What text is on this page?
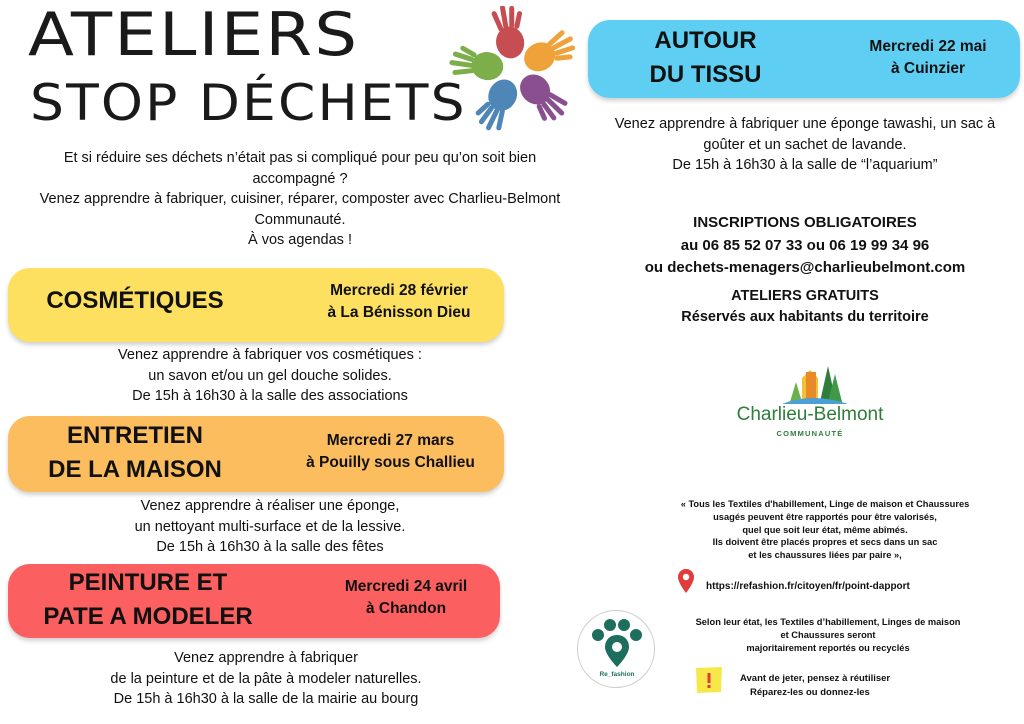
ATELIERS
STOP DÉCHETS
Et si réduire ses déchets n’était pas si compliqué pour peu qu’on soit bien
accompagné ?
Venez apprendre à fabriquer, cuisiner, réparer, composter avec Charlieu-Belmont
Communauté.
À vos agendas !
AUTOUR
DU TISSU
Mercredi 22 mai
à Cuinzier
Venez apprendre à fabriquer une éponge tawashi, un sac à
goûter et un sachet de lavande.
De 15h à 16h30 à la salle de “l’aquarium”
COSMÉTIQUES	Mercredi 28 février
à La Bénisson Dieu
Venez apprendre à fabriquer vos cosmétiques :
un savon et/ou un gel douche solides.
De 15h à 16h30 à la salle des associations
ENTRETIEN
DE LA MAISON
Mercredi 27 mars
à Pouilly sous Challieu
Venez apprendre à réaliser une éponge,
un nettoyant multi-surface et de la lessive.
De 15h à 16h30 à la salle des fêtes
PEINTURE ET
PATE A MODELER
Mercredi 24 avril
à Chandon
Venez apprendre à fabriquer
de la peinture et de la pâte à modeler naturelles.
De 15h à 16h30 à la salle de la mairie au bourg
INSCRIPTIONS OBLIGATOIRES
au 06 85 52 07 33 ou 06 19 99 34 96
ou dechets-menagers@charlieubelmont.com
ATELIERS GRATUITS
Réservés aux habitants du territoire
Charlieu-Belmont
COMMUNAUTÉ
« Tous les Textiles d'habillement, Linge de maison et Chaussures
usagés peuvent être rapportés pour être valorisés,
quel que soit leur état, même abîmés.
Ils doivent être placés propres et secs dans un sac
et les chaussures liées par paire »,
https://refashion.fr/citoyen/fr/point-dapport
Selon leur état, les Textiles d’habillement, Linges de maison
et Chaussures seront
majoritairement reportés ou recyclés
Re_fashion	Avant de jeter, pensez à réutiliser
Réparez-les ou donnez-les
